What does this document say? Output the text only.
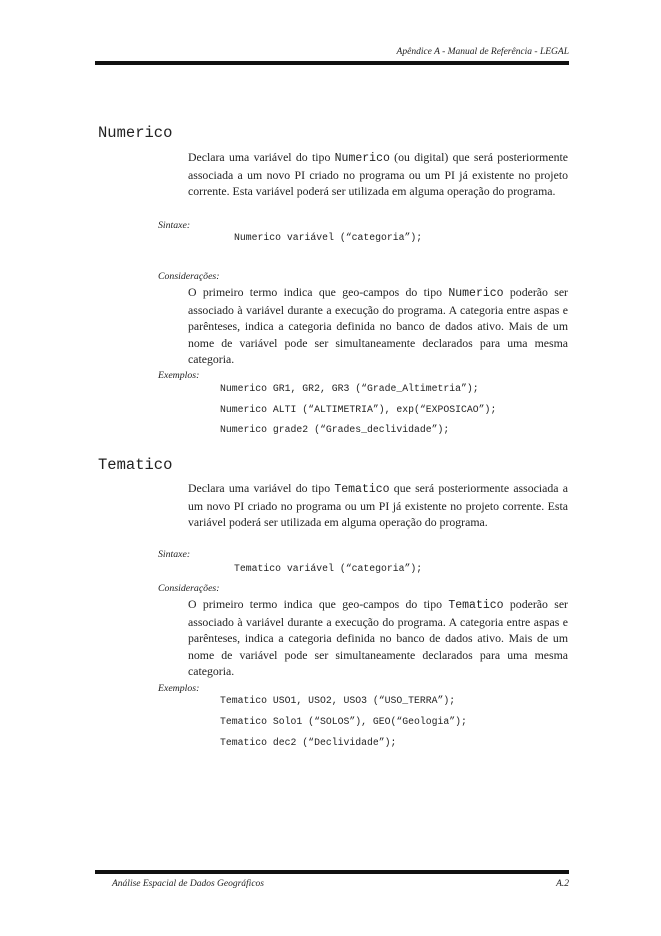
Apêndice A - Manual de Referência - LEGAL
Numerico
Declara uma variável do tipo Numerico (ou digital) que será posteriormente associada a um novo PI criado no programa ou um PI já existente no projeto corrente. Esta variável poderá ser utilizada em alguma operação do programa.
Sintaxe:
Numerico variável (“categoria”);
Considerações:
O primeiro termo indica que geo-campos do tipo Numerico poderão ser associado à variável durante a execução do programa. A categoria entre aspas e parênteses, indica a categoria definida no banco de dados ativo. Mais de um nome de variável pode ser simultaneamente declarados para uma mesma categoria.
Exemplos:
Numerico GR1, GR2, GR3 (“Grade_Altimetria”);
Numerico ALTI (“ALTIMETRIA”), exp(“EXPOSICAO”);
Numerico grade2 (“Grades_declividade”);
Tematico
Declara uma variável do tipo Tematico que será posteriormente associada a um novo PI criado no programa ou um PI já existente no projeto corrente. Esta variável poderá ser utilizada em alguma operação do programa.
Sintaxe:
Tematico variável (“categoria”);
Considerações:
O primeiro termo indica que geo-campos do tipo Tematico poderão ser associado à variável durante a execução do programa. A categoria entre aspas e parênteses, indica a categoria definida no banco de dados ativo. Mais de um nome de variável pode ser simultaneamente declarados para uma mesma categoria.
Exemplos:
Tematico USO1, USO2, USO3 (“USO_TERRA”);
Tematico Solo1 (“SOLOS”), GEO(“Geologia”);
Tematico dec2 (“Declividade”);
Análise Espacial de Dados Geográficos	A.2
